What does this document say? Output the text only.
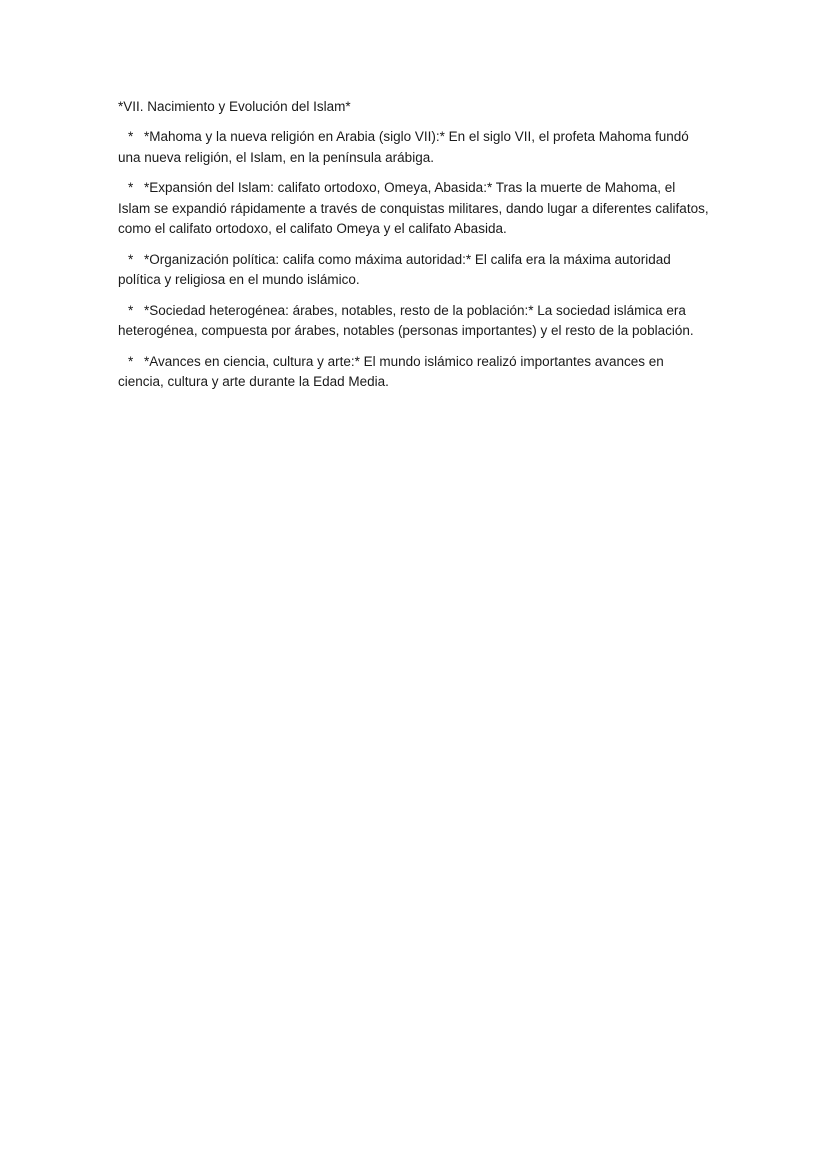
*VII. Nacimiento y Evolución del Islam*

* *Mahoma y la nueva religión en Arabia (siglo VII):* En el siglo VII, el profeta Mahoma fundó una nueva religión, el Islam, en la península arábiga.

* *Expansión del Islam: califato ortodoxo, Omeya, Abasida:* Tras la muerte de Mahoma, el Islam se expandió rápidamente a través de conquistas militares, dando lugar a diferentes califatos, como el califato ortodoxo, el califato Omeya y el califato Abasida.

* *Organización política: califa como máxima autoridad:* El califa era la máxima autoridad política y religiosa en el mundo islámico.

* *Sociedad heterogénea: árabes, notables, resto de la población:* La sociedad islámica era heterogénea, compuesta por árabes, notables (personas importantes) y el resto de la población.

* *Avances en ciencia, cultura y arte:* El mundo islámico realizó importantes avances en ciencia, cultura y arte durante la Edad Media.
